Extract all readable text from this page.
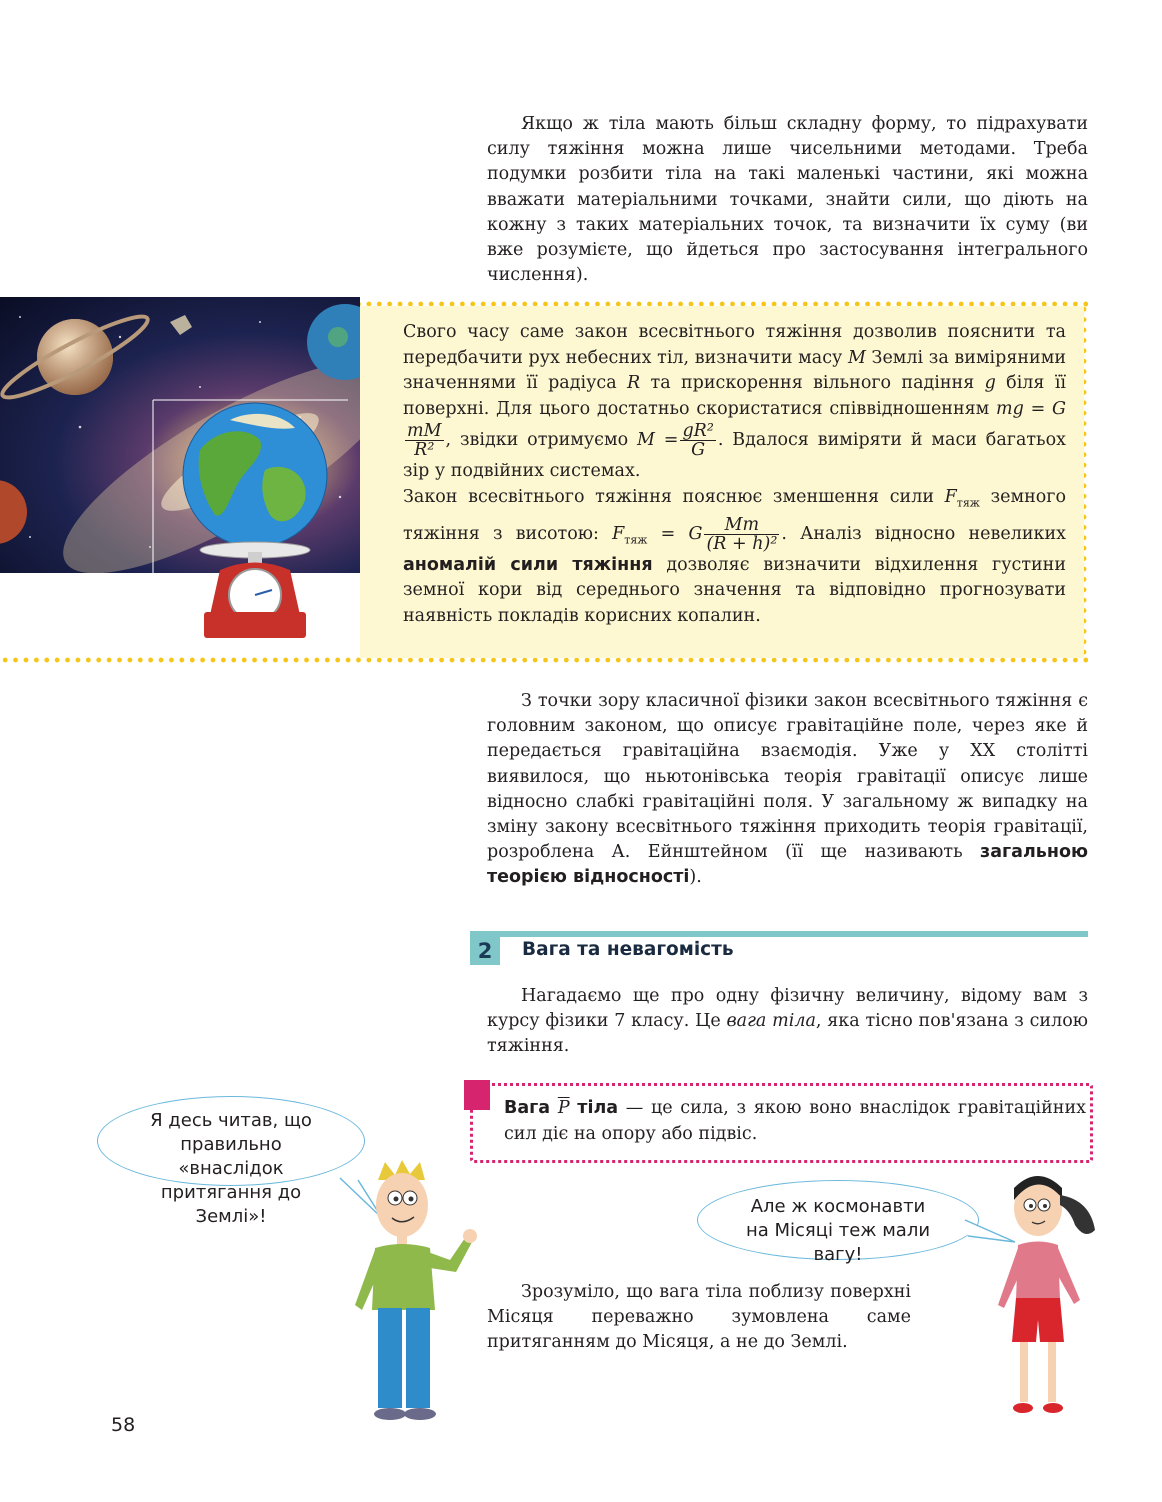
Якщо ж тіла мають більш складну форму, то підрахувати силу тяжіння можна лише чисельними методами. Треба подумки розбити тіла на такі маленькі частини, які можна вважати матеріальними точками, знайти сили, що діють на кожну з таких матеріальних точок, та визначити їх суму (ви вже розумієте, що йдеться про застосування інтегрального числення).

Свого часу саме закон всесвітнього тяжіння дозволив пояснити та передбачити рух небесних тіл, визначити масу M Землі за виміряними значеннями її радіуса R та прискорення вільного падіння g біля її поверхні. Для цього достатньо скористатися співвідношенням mg = G
$\frac{mM}{\text{R²}}$ , звідки отримуємо $M = \frac{\text{gR²}}{G}$ . Вдалося виміряти й маси багатьох зір у подвійних системах.

Закон всесвітнього тяжіння пояснює зменшення сили $F_{тяж}$ земного тяжіння з висотою: $F_{тяж} = G \frac{Mm}{\text{(R + h)²}}$ . Аналіз відносно невеликих аномалій сили тяжіння дозволяє визначити відхилення густини земної кори від середнього значення та відповідно прогнозувати наявність покладів корисних копалин.

З точки зору класичної фізики закон всесвітнього тяжіння є головним законом, що описує гравітаційне поле, через яке й передається гравітаційна взаємодія. Уже у XX столітті виявилося, що ньютонівська теорія гравітації описує лише відносно слабкі гравітаційні поля. У загальному ж випадку на зміну закону всесвітнього тяжіння приходить теорія гравітації, розроблена А. Ейнштейном (її ще називають загальною теорією відносності).

2	Вага та невагомість

Нагадаємо ще про одну фізичну величину, відому вам з курсу фізики 7 класу. Це вага тіла, яка тісно пов'язана з силою тяжіння.

! Вага $\overline{P}$ тіла — це сила, з якою воно внаслідок гравітаційних сил діє на опору або підвіс.
Я десь читав, що правильно «внаслідок притягання до Землі»!	Але ж космонавти на Місяці теж мали вагу!

Зрозуміло, що вага тіла поблизу поверхні Місяця переважно зумовлена саме притяганням до Місяця, а не до Землі.

58
